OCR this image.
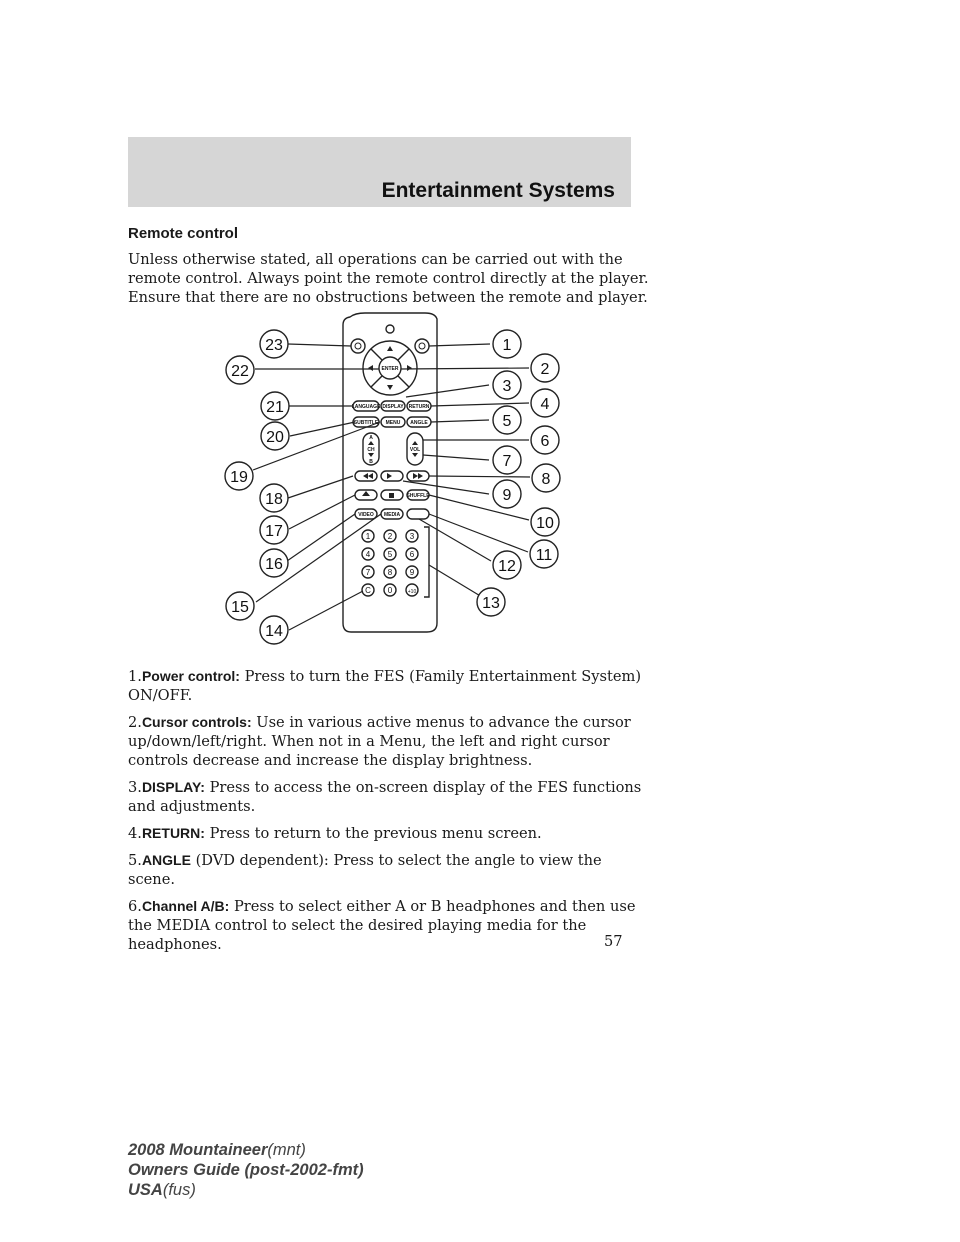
Entertainment Systems
Remote control
Unless otherwise stated, all operations can be carried out with the
remote control. Always point the remote control directly at the player.
Ensure that there are no obstructions between the remote and player.
ENTER
LANGUAGE DISPLAY RETURN
SUBTITLE MENU ANGLE
CH	VOL
A
B
SHUFFLE
VIDEO MEDIA
1 2 3
4 5 6
7 8 9
C 0	+10
1
2
3
4
5
6
7
8
9
10
11
12
13
14
15
16
17
18
19
20
21
22
23
1.Power control: Press to turn the FES (Family Entertainment System) ON/OFF.
2.Cursor controls: Use in various active menus to advance the cursor up/down/left/right. When not in a Menu, the left and right cursor controls decrease and increase the display brightness.
3.DISPLAY: Press to access the on-screen display of the FES functions and adjustments.
4.RETURN: Press to return to the previous menu screen.
5.ANGLE (DVD dependent): Press to select the angle to view the scene.
6.Channel A/B: Press to select either A or B headphones and then use the MEDIA control to select the desired playing media for the headphones.	57
2008 Mountaineer(mnt)
Owners Guide (post-2002-fmt)
USA(fus)
